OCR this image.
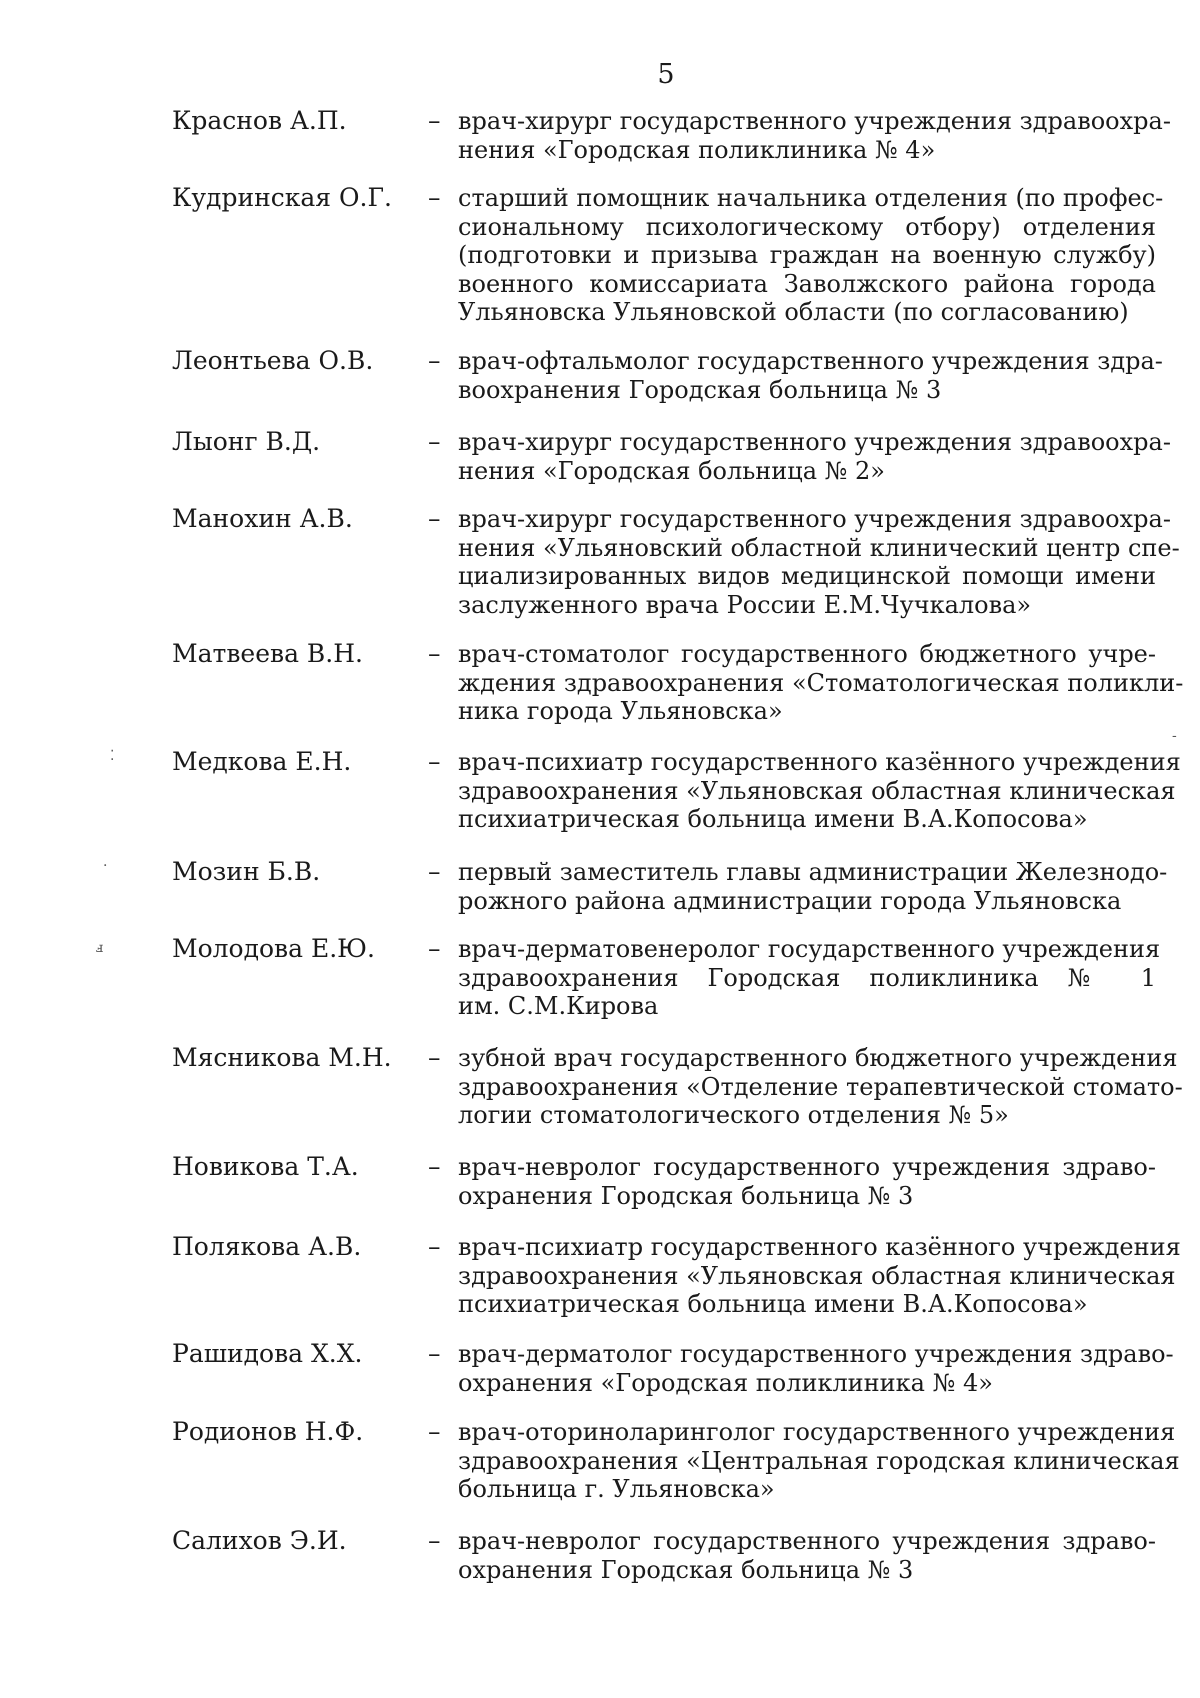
5
Краснов А.П.	– врач-хирург государственного учреждения здравоохра-
нения «Городская поликлиника № 4»
Кудринская О.Г. – старший помощник начальника отделения (по профес-
сиональному психологическому отбору) отделения
(подготовки и призыва граждан на военную службу)
военного комиссариата Заволжского района города
Ульяновска Ульяновской области (по согласованию)
Леонтьева О.В. – врач-офтальмолог государственного учреждения здра-
воохранения Городская больница № 3
Лыонг В.Д.	– врач-хирург государственного учреждения здравоохра-
нения «Городская больница № 2»
Манохин А.В.	– врач-хирург государственного учреждения здравоохра-
нения «Ульяновский областной клинический центр спе-
циализированных видов медицинской помощи имени
заслуженного врача России Е.М.Чучкалова»
Матвеева В.Н.	– врач-стоматолог государственного бюджетного учре-
ждения здравоохранения «Стоматологическая поликли-
ника города Ульяновска»
Медкова Е.Н.	– врач-психиатр государственного казённого учреждения
здравоохранения «Ульяновская областная клиническая
психиатрическая больница имени В.А.Копосова»
Мозин Б.В.	– первый заместитель главы администрации Железнодо-
рожного района администрации города Ульяновска
Молодова Е.Ю. – врач-дерматовенеролог государственного учреждения
здравоохранения Городская поликлиника № 1
им. С.М.Кирова
Мясникова М.Н. – зубной врач государственного бюджетного учреждения
здравоохранения «Отделение терапевтической стомато-
логии стоматологического отделения № 5»
Новикова Т.А.	– врач-невролог государственного учреждения здраво-
охранения Городская больница № 3
Полякова А.В.	– врач-психиатр государственного казённого учреждения
здравоохранения «Ульяновская областная клиническая
психиатрическая больница имени В.А.Копосова»
Рашидова Х.Х.	– врач-дерматолог государственного учреждения здраво-
охранения «Городская поликлиника № 4»
Родионов Н.Ф.	– врач-оториноларинголог государственного учреждения
здравоохранения «Центральная городская клиническая
больница г. Ульяновска»
Салихов Э.И.	– врач-невролог государственного учреждения здраво-
охранения Городская больница № 3
⁚
·
ⅎ
-
